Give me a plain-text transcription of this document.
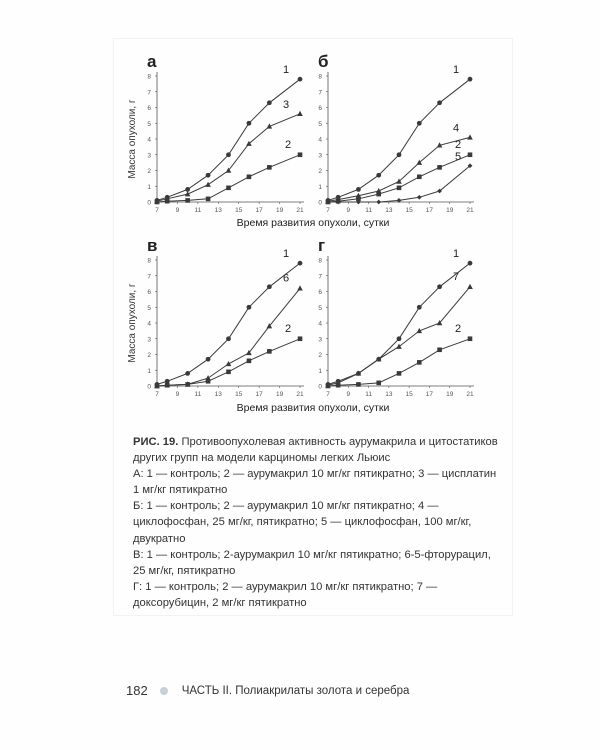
а
0
1
2
3
4
5
6
7
8
7	9 11 13 15 17 19 21
Масса опухоли, г
1
3
2
б
0
1
2
3
4
5
6
7
8
7	9 11 13 15 17 19 21
1
4
2
5
в
0
1
2
3
4
5
6
7
8
7	9 11 13 15 17 19 21
Масса опухоли, г
1
6
2
г
0
1
2
3
4
5
6
7
8
7	9 11 13 15 17 19 21
1
7
2
Время развития опухоли, сутки
Время развития опухоли, сутки

РИС. 19. Противоопухолевая активность аурумакрила и цитостатиков других групп на модели карциномы легких Льюис

А: 1 — контроль; 2 — аурумакрил 10 мг/кг пятикратно; 3 — цисплатин 1 мг/кг пятикратно

Б: 1 — контроль; 2 — аурумакрил 10 мг/кг пятикратно; 4 — циклофосфан, 25 мг/кг, пятикратно; 5 — циклофосфан, 100 мг/кг, двукратно

В: 1 — контроль; 2-аурумакрил 10 мг/кг пятикратно; 6-5-фторурацил, 25 мг/кг, пятикратно

Г: 1 — контроль; 2 — аурумакрил 10 мг/кг пятикратно; 7 — доксорубицин, 2 мг/кг пятикратно

182	ЧАСТЬ II. Полиакрилаты золота и серебра
